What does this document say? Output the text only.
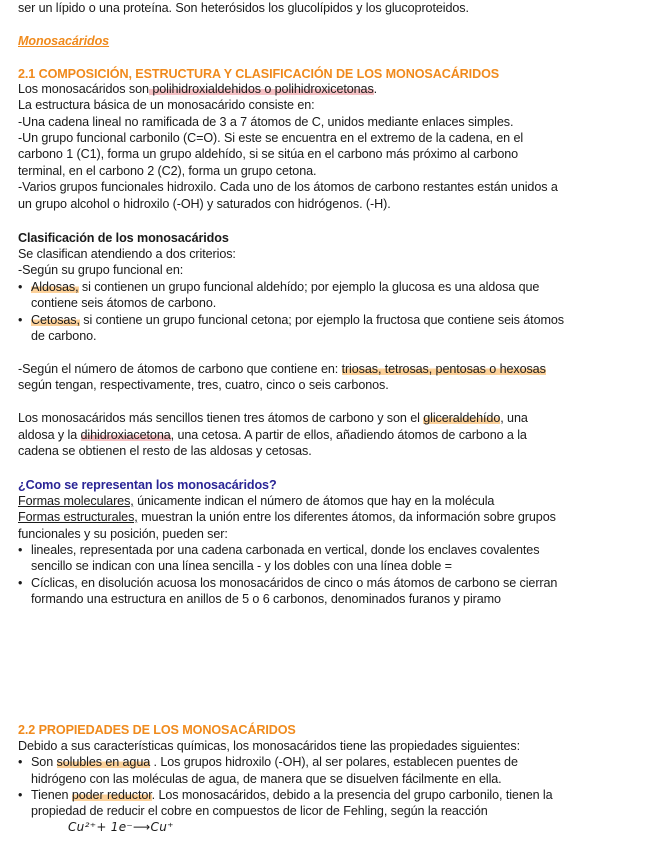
ser un lípido o una proteína. Son heterósidos los glucolípidos y los glucoproteidos.
Monosacáridos
2.1 COMPOSICIÓN, ESTRUCTURA Y CLASIFICACIÓN DE LOS MONOSACÁRIDOS
Los monosacáridos son polihidroxialdehidos o polihidroxicetonas.
La estructura básica de un monosacárido consiste en:
-Una cadena lineal no ramificada de 3 a 7 átomos de C, unidos mediante enlaces simples.
-Un grupo funcional carbonilo (C=O). Si este se encuentra en el extremo de la cadena, en el
carbono 1 (C1), forma un grupo aldehído, si se sitúa en el carbono más próximo al carbono
terminal, en el carbono 2 (C2), forma un grupo cetona.
-Varios grupos funcionales hidroxilo. Cada uno de los átomos de carbono restantes están unidos a
un grupo alcohol o hidroxilo (-OH) y saturados con hidrógenos. (-H).
Clasificación de los monosacáridos
Se clasifican atendiendo a dos criterios:
-Según su grupo funcional en:
• Aldosas, si contienen un grupo funcional aldehído; por ejemplo la glucosa es una aldosa que
contiene seis átomos de carbono.
• Cetosas, si contiene un grupo funcional cetona; por ejemplo la fructosa que contiene seis átomos
de carbono.
-Según el número de átomos de carbono que contiene en: triosas, tetrosas, pentosas o hexosas
según tengan, respectivamente, tres, cuatro, cinco o seis carbonos.
Los monosacáridos más sencillos tienen tres átomos de carbono y son el gliceraldehído, una
aldosa y la dihidroxiacetona, una cetosa. A partir de ellos, añadiendo átomos de carbono a la
cadena se obtienen el resto de las aldosas y cetosas.
¿Como se representan los monosacáridos?
Formas moleculares, únicamente indican el número de átomos que hay en la molécula
Formas estructurales, muestran la unión entre los diferentes átomos, da información sobre grupos
funcionales y su posición, pueden ser:
• lineales, representada por una cadena carbonada en vertical, donde los enclaves covalentes
sencillo se indican con una línea sencilla - y los dobles con una línea doble =
• Cíclicas, en disolución acuosa los monosacáridos de cinco o más átomos de carbono se cierran
formando una estructura en anillos de 5 o 6 carbonos, denominados furanos y piramo
2.2 PROPIEDADES DE LOS MONOSACÁRIDOS
Debido a sus características químicas, los monosacáridos tiene las propiedades siguientes:
• Son solubles en agua . Los grupos hidroxilo (-OH), al ser polares, establecen puentes de
hidrógeno con las moléculas de agua, de manera que se disuelven fácilmente en ella.
• Tienen poder reductor. Los monosacáridos, debido a la presencia del grupo carbonilo, tienen la
propiedad de reducir el cobre en compuestos de licor de Fehling, según la reacción
Cu²⁺+ 1e⁻⟶Cu⁺
